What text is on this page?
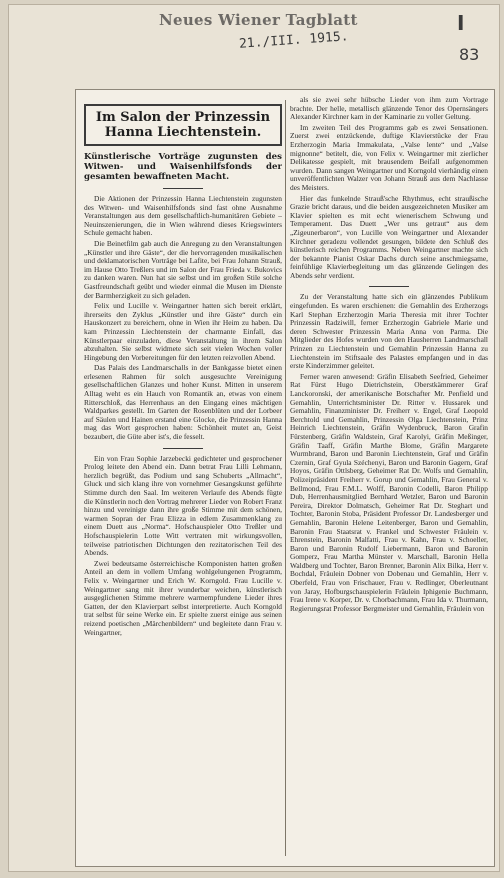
Neues Wiener Tagblatt
21./III. 1915.
I
83
Im Salon der Prinzessin Hanna Liechtenstein.
Künstlerische Vorträge zugunsten des Witwen- und Waisenhilfsfonds der gesamten bewaffneten Macht.

Die Aktionen der Prinzessin Hanna Liechtenstein zugunsten des Witwen- und Waisenhilfsfonds sind fast ohne Ausnahme Veranstaltungen aus dem gesellschaftlich-humanitären Gebiete – Neuinszenierungen, die in Wien während dieses Kriegswinters Schule gemacht haben.

Die Beinetfilm gab auch die Anregung zu den Veranstaltungen „Künstler und ihre Gäste“, der die hervorragenden musikalischen und deklamatorischen Vorträge bei Lafite, bei Frau Johann Strauß, im Hause Otto Treßlers und im Salon der Frau Frieda v. Bukovics zu danken waren. Nun hat sie selbst und im großen Stile solche Gastfreundschaft geübt und wieder einmal die Musen im Dienste der Barmherzigkeit zu sich geladen.

Felix und Lucille v. Weingartner hatten sich bereit erklärt, ihrerseits den Zyklus „Künstler und ihre Gäste“ durch ein Hauskonzert zu bereichern, ohne in Wien ihr Heim zu haben. Da kam Prinzessin Liechtenstein der charmante Einfall, das Künstlerpaar einzuladen, diese Veranstaltung in ihrem Salon abzuhalten. Sie selbst widmete sich seit vielen Wochen voller Hingebung den Vorbereitungen für den letzten reizvollen Abend.

Das Palais des Landmarschalls in der Bankgasse bietet einen erlesenen Rahmen für solch ausgesuchte Vereinigung gesellschaftlichen Glanzes und hoher Kunst. Mitten in unserem Alltag weht es ein Hauch von Romantik an, etwas von einem Ritterschloß, das Herrenhaus an den Eingang eines mächtigen Waldparkes gestellt. Im Garten der Rosenblüten und der Lorbeer auf Säulen und Hainen erstand eine Glocke, die Prinzessin Hanna mag das Wort gesprochen haben: Schönheit mutet an, Geist bezaubert, die Güte aber ist's, die fesselt.

Ein von Frau Sophie Jarzebecki gedichteter und gesprochener Prolog leitete den Abend ein. Dann betrat Frau Lilli Lehmann, herzlich begrüßt, das Podium und sang Schuberts „Allmacht“, Gluck und sich klang ihre von vornehmer Gesangskunst geführte Stimme durch den Saal. Im weiteren Verlaufe des Abends fügte die Künstlerin noch den Vortrag mehrerer Lieder von Robert Franz hinzu und vereinigte dann ihre große Stimme mit dem schönen, warmen Sopran der Frau Elizza in edlem Zusammenklang zu einem Duett aus „Norma“. Hofschauspieler Otto Treßler und Hofschauspielerin Lotte Witt vertraten mit wirkungsvollen, teilweise patriotischen Dichtungen den rezitatorischen Teil des Abends.

Zwei bedeutsame österreichische Komponisten hatten großen Anteil an dem in vollem Umfang wohlgelungenen Programm, Felix v. Weingartner und Erich W. Korngold. Frau Lucille v. Weingartner sang mit ihrer wunderbar weichen, künstlerisch ausgeglichenen Stimme mehrere warmempfundene Lieder ihres Gatten, der den Klavierpart selbst interpretierte. Auch Korngold trat selbst für seine Werke ein. Er spielte zuerst einige aus seinen reizend poetischen „Märchenbildern“ und begleitete dann Frau v. Weingartner,

als sie zwei sehr hübsche Lieder von ihm zum Vortrage brachte. Der helle, metallisch glänzende Tenor des Opernsängers Alexander Kirchner kam in der Kaminarie zu voller Geltung.

Im zweiten Teil des Programms gab es zwei Sensationen. Zuerst zwei entzückende, duftige Klavierstücke der Frau Erzherzogin Maria Immakulata, „Valse lente“ und „Valse mignonne“ betitelt, die, von Felix v. Weingartner mit zierlicher Delikatesse gespielt, mit brausendem Beifall aufgenommen wurden. Dann sangen Weingartner und Korngold vierhändig einen unveröffentlichten Walzer von Johann Strauß aus dem Nachlasse des Meisters.

Hier das funkelnde Strauß'sche Rhythmus, echt straußische Grazie bricht daraus, und die beiden ausgezeichneten Musiker am Klavier spielten es mit echt wienerischem Schwung und Temperament. Das Duett „Wer uns getraut“ aus dem „Zigeunerbaron“, von Lucille von Weingartner und Alexander Kirchner geradezu vollendet gesungen, bildete den Schluß des künstlerisch reichen Programms. Neben Weingartner machte sich der bekannte Pianist Oskar Dachs durch seine anschmiegsame, feinfühlige Klavierbegleitung um das glänzende Gelingen des Abends sehr verdient.

Zu der Veranstaltung hatte sich ein glänzendes Publikum eingefunden. Es waren erschienen: die Gemahlin des Erzherzogs Karl Stephan Erzherzogin Maria Theresia mit ihrer Tochter Prinzessin Radziwill, ferner Erzherzogin Gabriele Marie und deren Schwester Prinzessin Maria Anna von Parma. Die Mitglieder des Hofes wurden von den Hausherren Landmarschall Prinzen zu Liechtenstein und Gemahlin Prinzessin Hanna zu Liechtenstein im Stiftsaale des Palastes empfangen und in das erste Kinderzimmer geleitet.

Ferner waren anwesend: Gräfin Elisabeth Seefried, Geheimer Rat Fürst Hugo Dietrichstein, Oberstkämmerer Graf Lanckoronski, der amerikanische Botschafter Mr. Penfield und Gemahlin, Unterrichtsminister Dr. Ritter v. Hussarek und Gemahlin, Finanzminister Dr. Freiherr v. Engel, Graf Leopold Berchtold und Gemahlin, Prinzessin Olga Liechtenstein, Prinz Heinrich Liechtenstein, Gräfin Wydenbruck, Baron Grafin Fürstenberg, Gräfin Waldstein, Graf Karolyi, Gräfin Meßinger, Gräfin Taaff, Gräfin Marthe Blome, Gräfin Margarete Wurmbrand, Baron und Baronin Liechtenstein, Graf und Gräfin Czernin, Graf Gyula Széchenyi, Baron und Baronin Gagern, Graf Hoyos, Gräfin Ottlsberg, Geheimer Rat Dr. Wolfs und Gemahlin, Polizeipräsident Freiherr v. Gorup und Gemahlin, Frau General v. Bellmond, Frau F.M.L. Wolff, Baronin Codelli, Baron Philipp Dub, Herrenhausmitglied Bernhard Wetzler, Baron und Baronin Pereira, Direktor Dolmatsch, Geheimer Rat Dr. Steghart und Tochter, Baronin Stoba, Präsident Professor Dr. Landesberger und Gemahlin, Baronin Helene Leitenberger, Baron und Gemahlin, Baronin Frau Staatsrat v. Frankel und Schwester Fräulein v. Ehrenstein, Baronin Malfatti, Frau v. Kahn, Frau v. Schoeller, Baron und Baronin Rudolf Liebermann, Baron und Baronin Gomperz, Frau Martha Münster v. Marschall, Baronin Hella Waldberg und Tochter, Baron Brenner, Baronin Alix Bilka, Herr v. Bochdal, Fräulein Dobner von Dobenau und Gemahlin, Herr v. Oberfeld, Frau von Frischauer, Frau v. Redlinger, Oberleutnant von Jaray, Hofburgschauspielerin Fräulein Iphigenie Buchmann, Frau Irene v. Korper, Dr. v. Chorbachmann, Frau Ida v. Thurmann, Regierungsrat Professor Bergmeister und Gemahlin, Fräulein von
